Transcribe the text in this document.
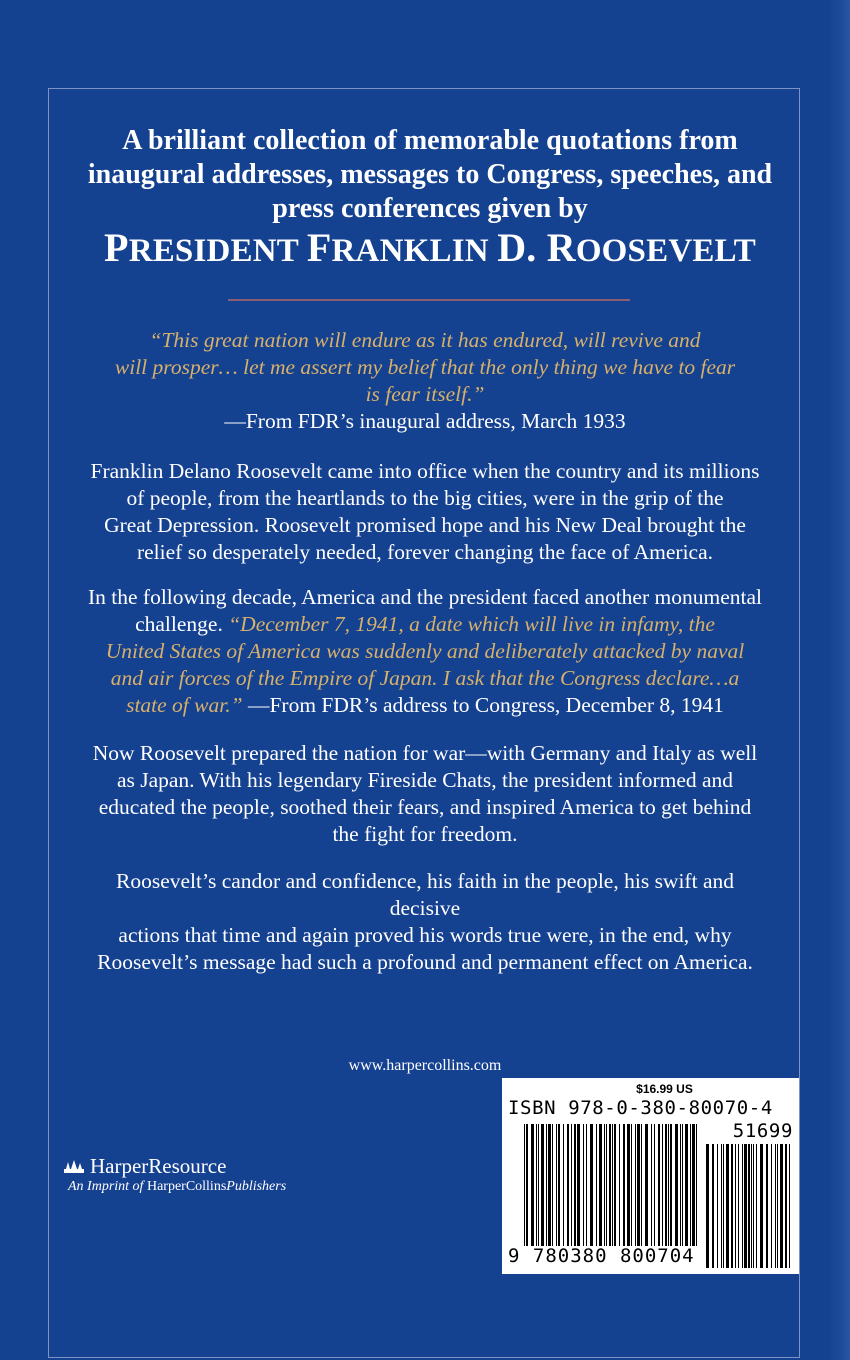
A brilliant collection of memorable quotations from
inaugural addresses, messages to Congress, speeches, and
press conferences given by
PRESIDENT FRANKLIN D. ROOSEVELT
“This great nation will endure as it has endured, will revive and
will prosper… let me assert my belief that the only thing we have to fear
is fear itself.”
—From FDR’s inaugural address, March 1933
Franklin Delano Roosevelt came into office when the country and its millions
of people, from the heartlands to the big cities, were in the grip of the
Great Depression. Roosevelt promised hope and his New Deal brought the
relief so desperately needed, forever changing the face of America.
In the following decade, America and the president faced another monumental
challenge. “December 7, 1941, a date which will live in infamy, the
United States of America was suddenly and deliberately attacked by naval
and air forces of the Empire of Japan. I ask that the Congress declare…a
state of war.” —From FDR’s address to Congress, December 8, 1941
Now Roosevelt prepared the nation for war—with Germany and Italy as well
as Japan. With his legendary Fireside Chats, the president informed and
educated the people, soothed their fears, and inspired America to get behind
the fight for freedom.
Roosevelt’s candor and confidence, his faith in the people, his swift and decisive
actions that time and again proved his words true were, in the end, why
Roosevelt’s message had such a profound and permanent effect on America.
www.harpercollins.com
HarperResource
An Imprint of HarperCollinsPublishers
$16.99 US
ISBN 978-0-380-80070-4
51699
9 780380 800704
